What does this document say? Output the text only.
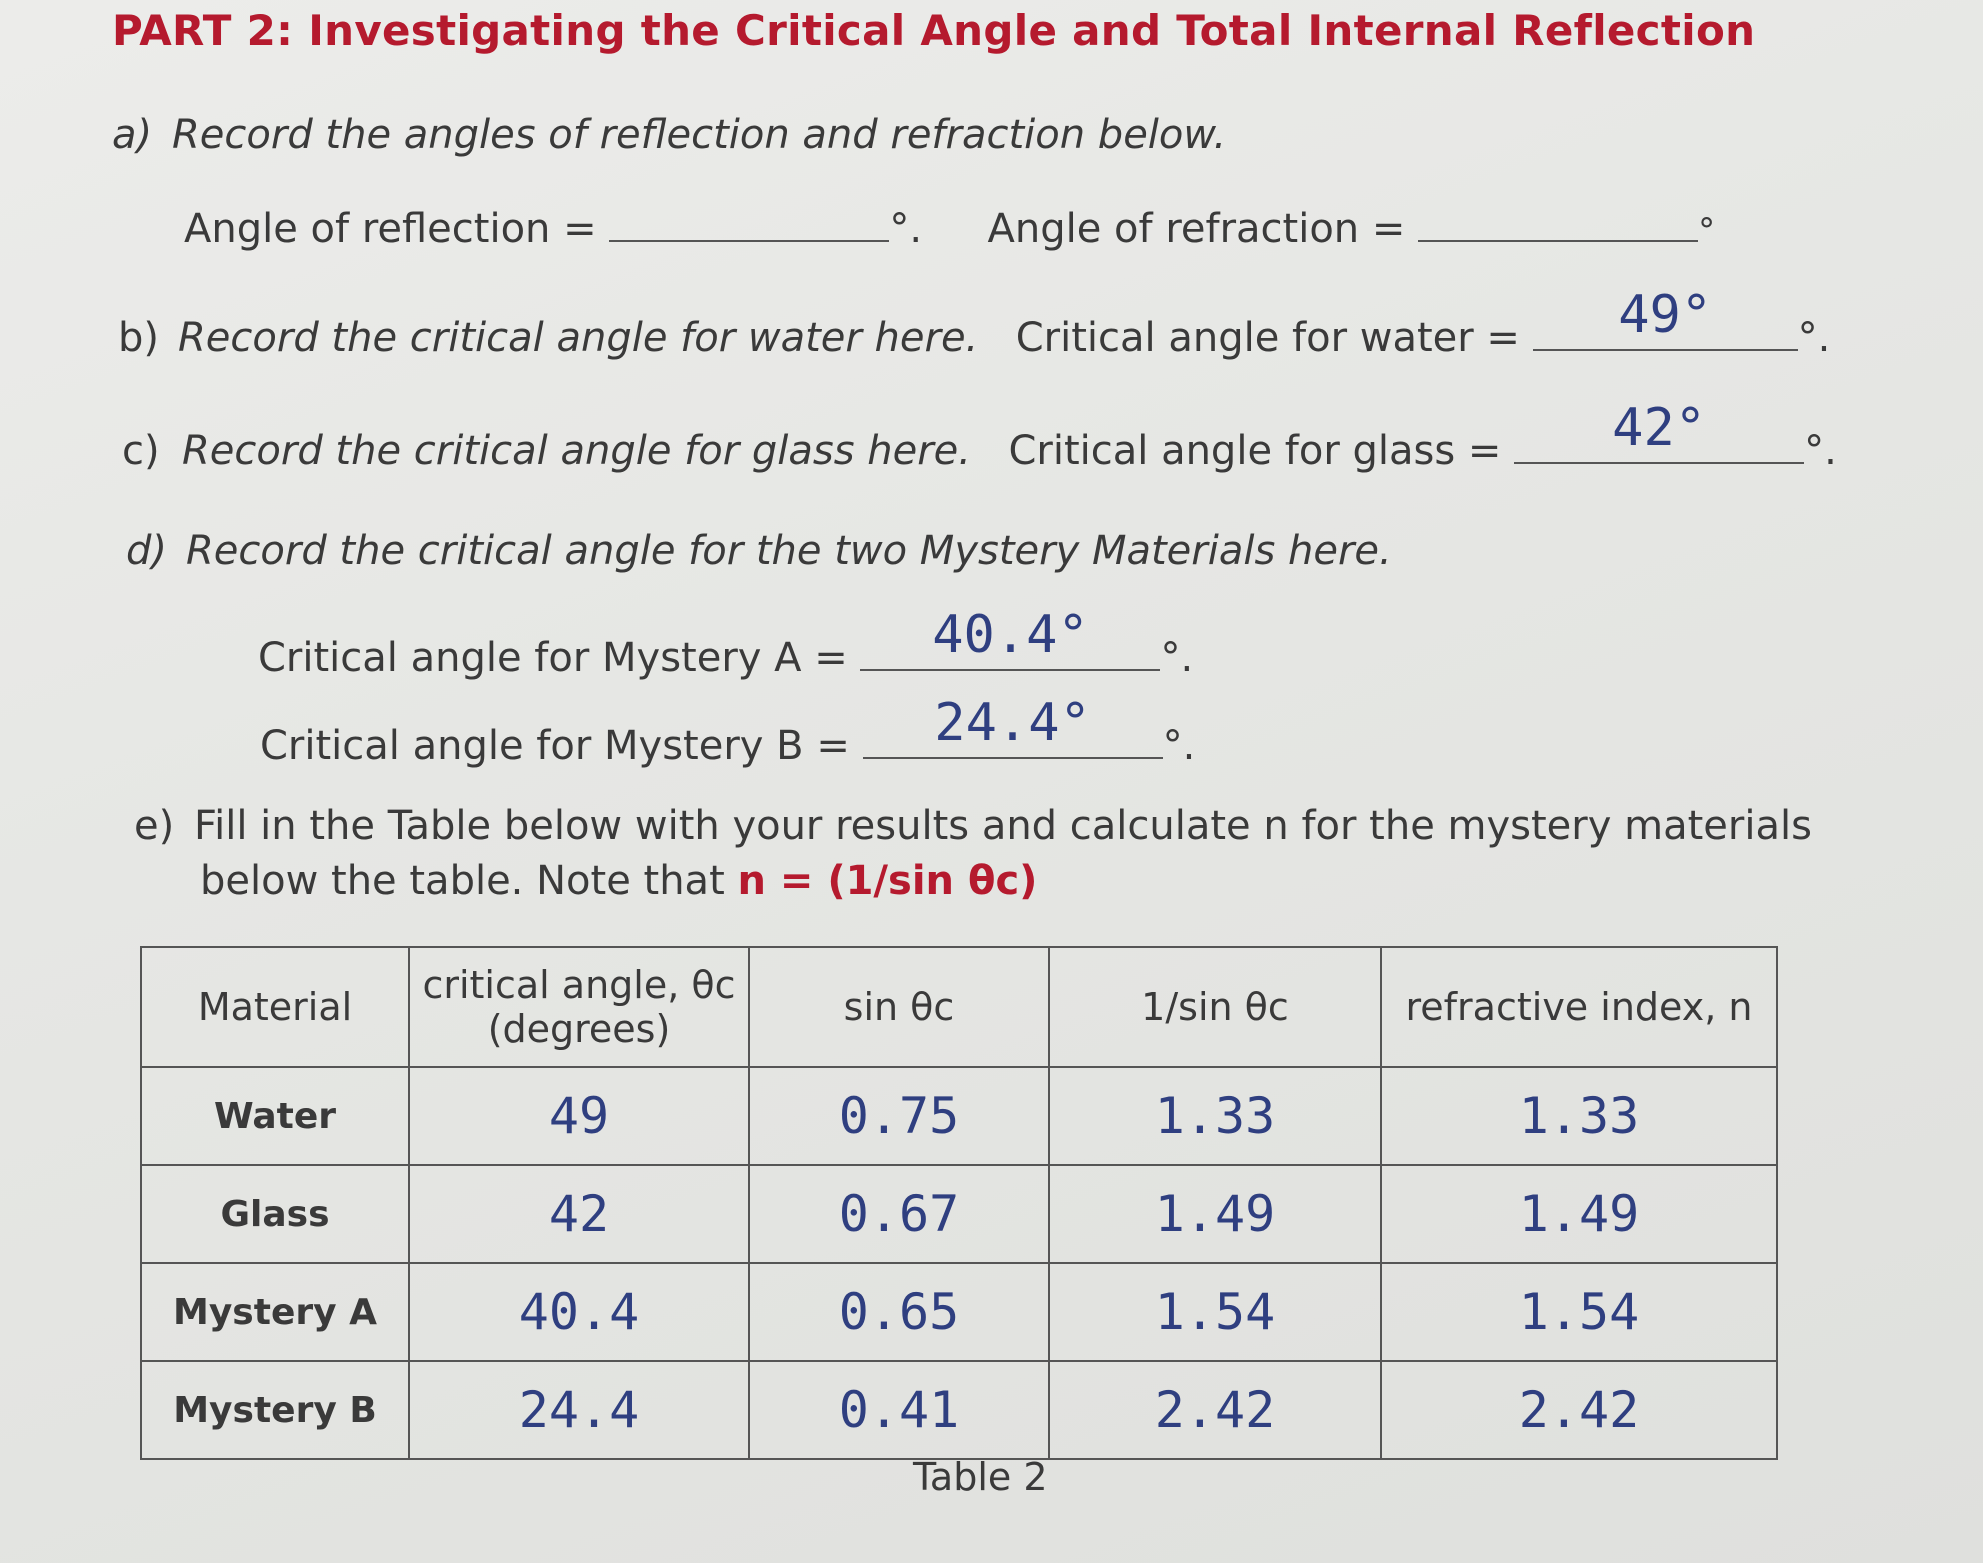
PART 2: Investigating the Critical Angle and Total Internal Reflection
a) Record the angles of reflection and refraction below.
Angle of reflection =	°. Angle of refraction =	°
b) Record the critical angle for water here. Critical angle for water = 49° °.
c) Record the critical angle for glass here. Critical angle for glass = 42° °.
d) Record the critical angle for the two Mystery Materials here.
Critical angle for Mystery A = 40.4° °.
Critical angle for Mystery B = 24.4° °.
e) Fill in the Table below with your results and calculate n for the mystery materials
below the table. Note that n = (1/sin θc)
Material	critical angle, θc (degrees)	sin θc	1/sin θc	refractive index, n
Water	49	0.75	1.33	1.33
Glass	42	0.67	1.49	1.49
Mystery A	40.4	0.65	1.54	1.54
Mystery B	24.4	0.41	2.42	2.42
Table 2
